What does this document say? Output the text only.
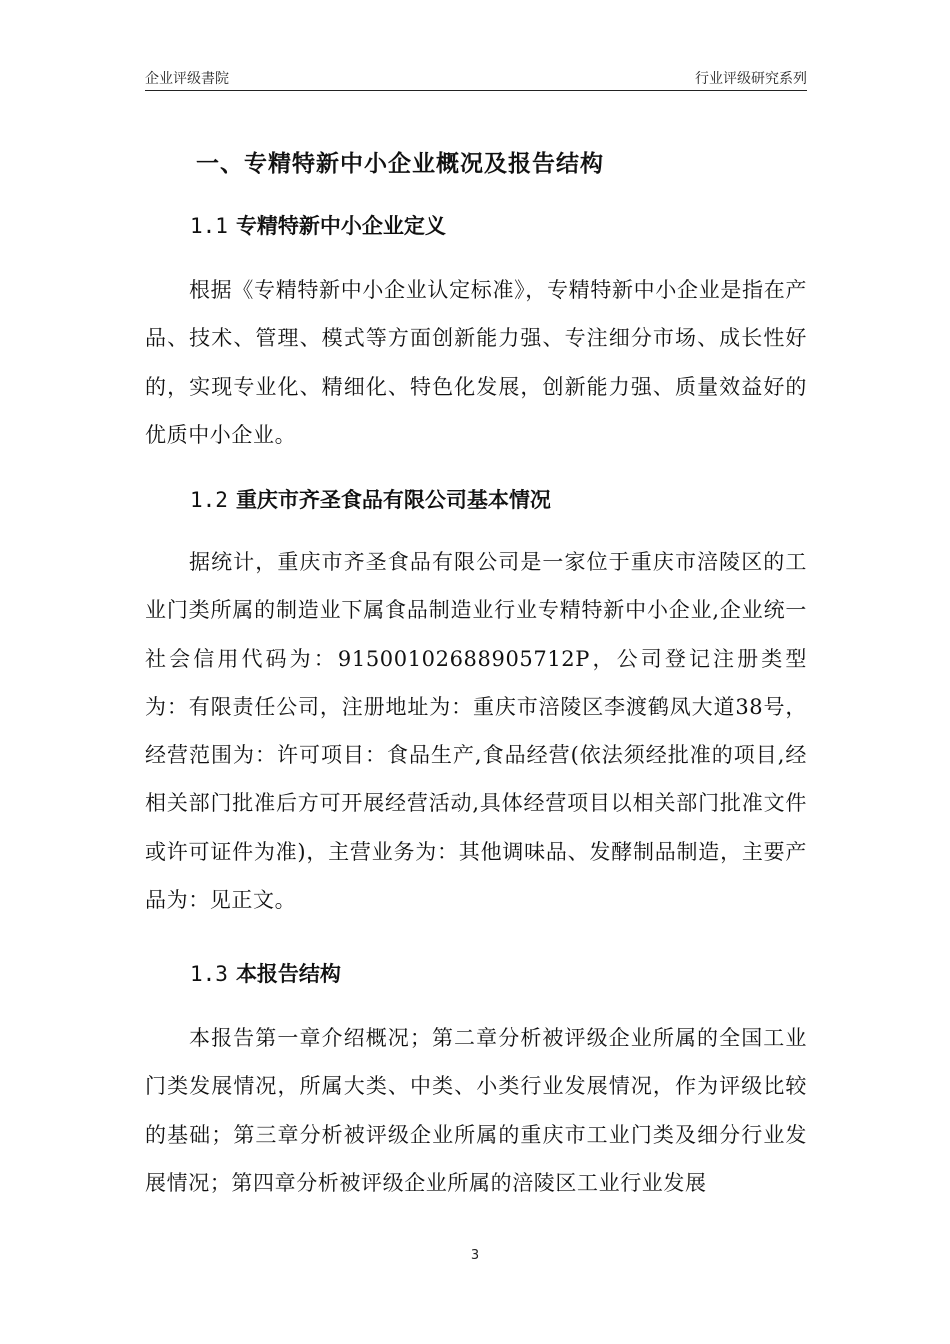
企业评级書院	行业评级研究系列
一、专精特新中小企业概况及报告结构
1.1 专精特新中小企业定义
根据《专精特新中小企业认定标准》，专精特新中小企业是指在产品、技术、管理、模式等方面创新能力强、专注细分市场、成长性好的，实现专业化、精细化、特色化发展，创新能力强、质量效益好的优质中小企业。
1.2 重庆市齐圣食品有限公司基本情况
据统计，重庆市齐圣食品有限公司是一家位于重庆市涪陵区的工业门类所属的制造业下属食品制造业行业专精特新中小企业,企业统一社会信用代码为：91500102688905712P，公司登记注册类型为：有限责任公司，注册地址为：重庆市涪陵区李渡鹤凤大道38号，经营范围为：许可项目：食品生产,食品经营(依法须经批准的项目,经相关部门批准后方可开展经营活动,具体经营项目以相关部门批准文件或许可证件为准)，主营业务为：其他调味品、发酵制品制造，主要产品为：见正文。
1.3 本报告结构
本报告第一章介绍概况；第二章分析被评级企业所属的全国工业门类发展情况，所属大类、中类、小类行业发展情况，作为评级比较的基础；第三章分析被评级企业所属的重庆市工业门类及细分行业发展情况；第四章分析被评级企业所属的涪陵区工业行业发展
3
